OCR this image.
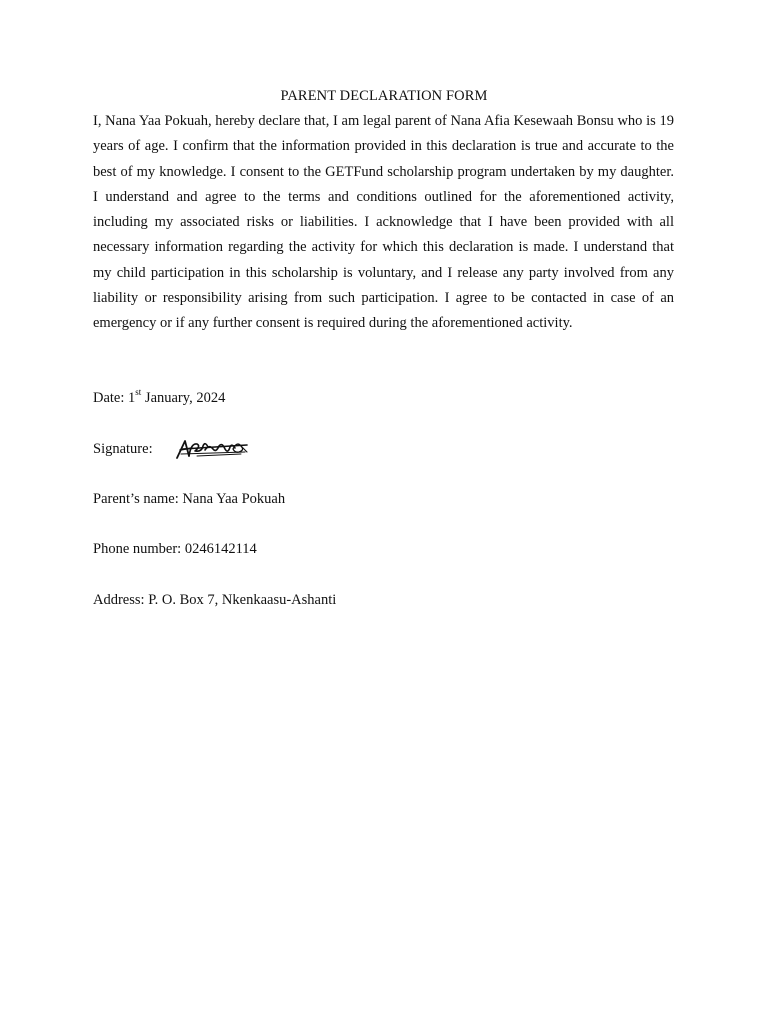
PARENT DECLARATION FORM

I, Nana Yaa Pokuah, hereby declare that, I am legal parent of Nana Afia Kesewaah Bonsu who is 19 years of age. I confirm that the information provided in this declaration is true and accurate to the best of my knowledge. I consent to the GETFund scholarship program undertaken by my daughter. I understand and agree to the terms and conditions outlined for the aforementioned activity, including my associated risks or liabilities. I acknowledge that I have been provided with all necessary information regarding the activity for which this declaration is made. I understand that my child participation in this scholarship is voluntary, and I release any party involved from any liability or responsibility arising from such participation. I agree to be contacted in case of an emergency or if any further consent is required during the aforementioned activity.

Date: 1st January, 2024
Signature:
Parent’s name: Nana Yaa Pokuah
Phone number: 0246142114
Address: P. O. Box 7, Nkenkaasu-Ashanti
